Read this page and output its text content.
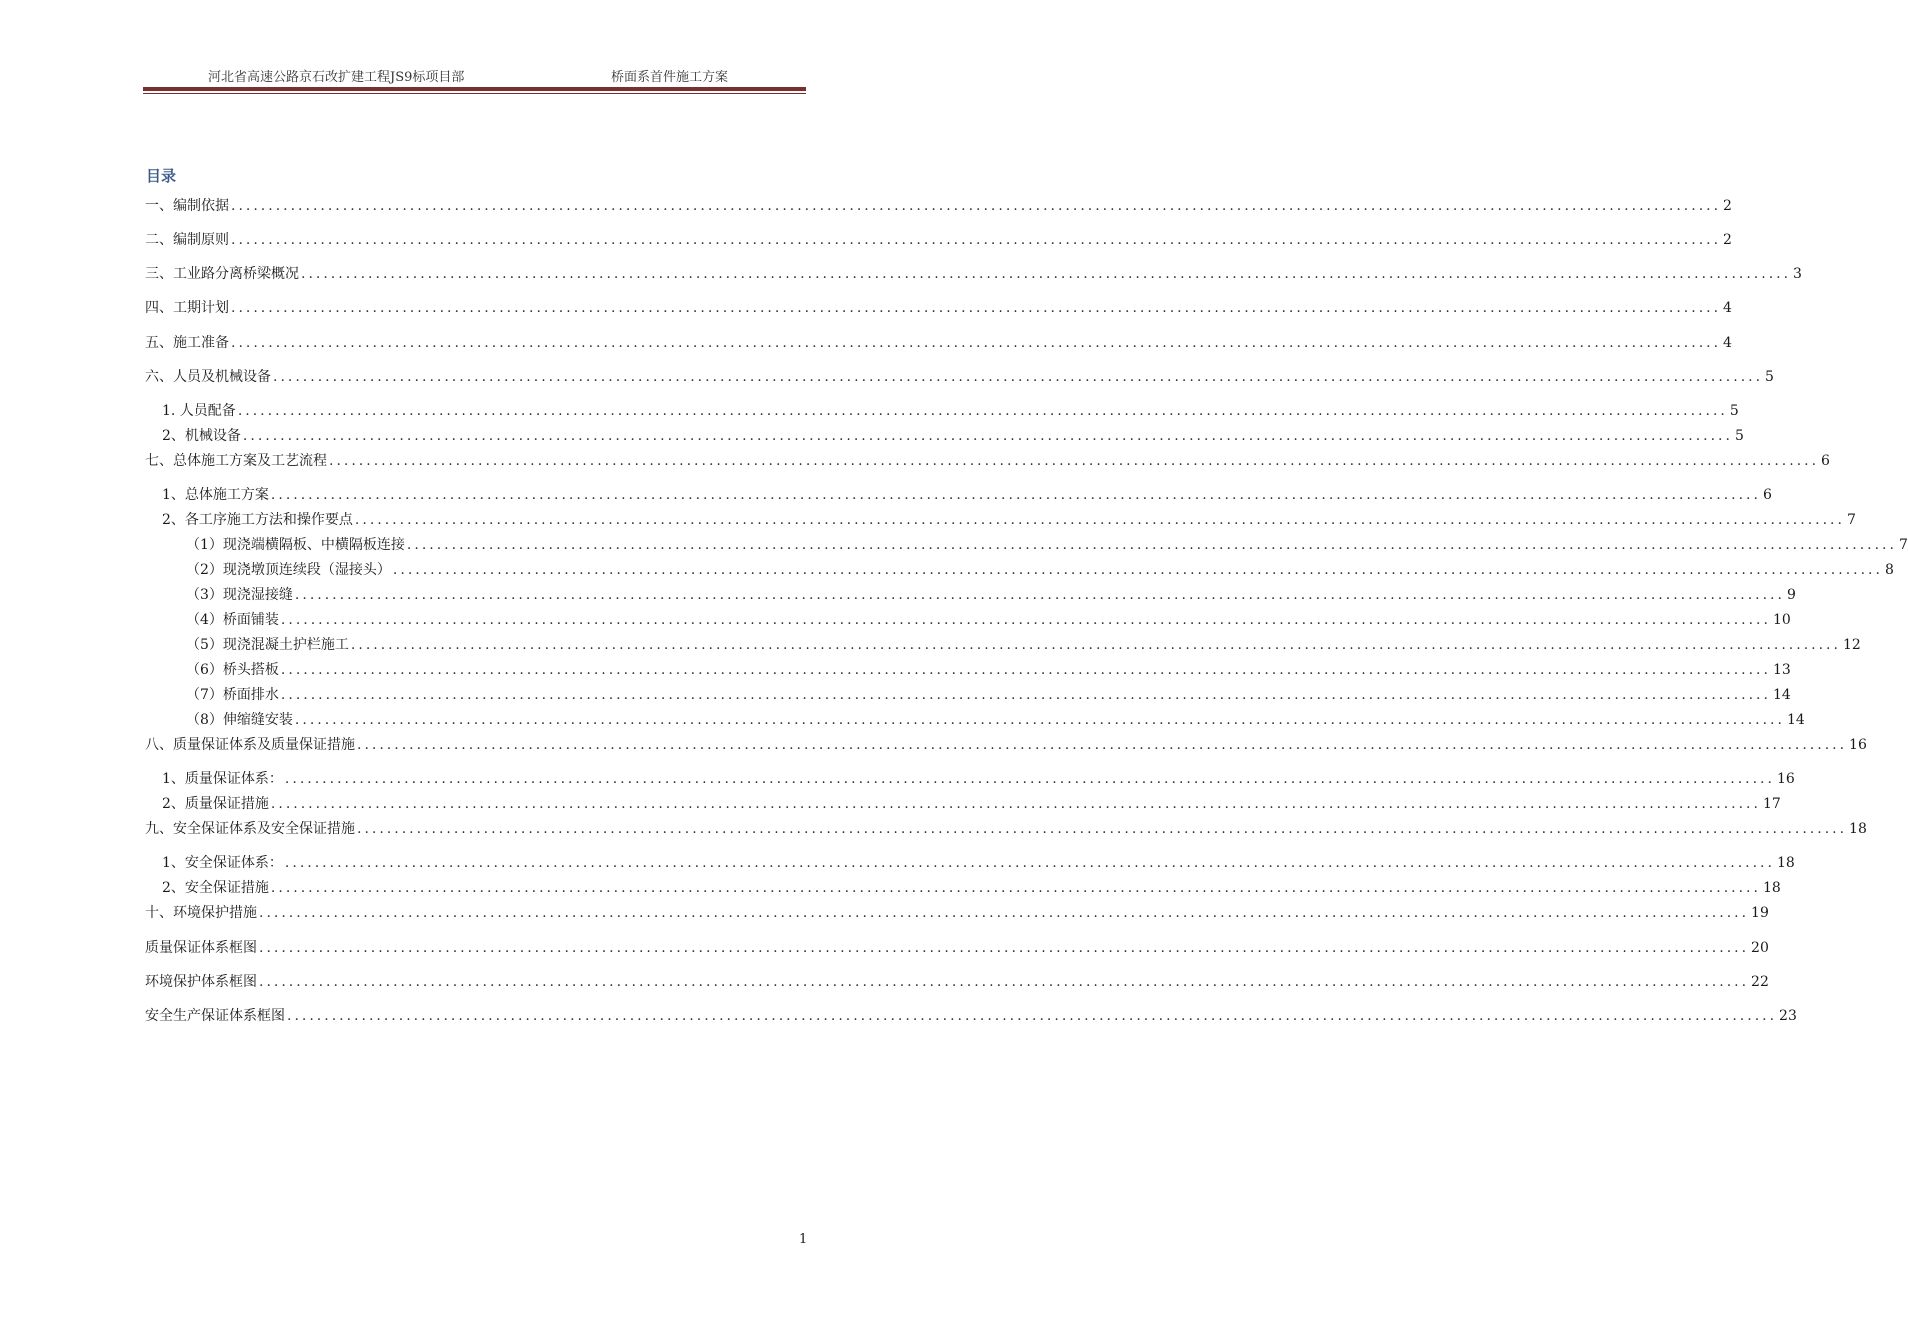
河北省高速公路京石改扩建工程JS9标项目部	桥面系首件施工方案
目录
一、编制依据 ........................................................................................................................................................................................................ 2
二、编制原则 ........................................................................................................................................................................................................ 2
三、工业路分离桥梁概况 ........................................................................................................................................................................................................ 3
四、工期计划 ........................................................................................................................................................................................................ 4
五、施工准备 ........................................................................................................................................................................................................ 4
六、人员及机械设备 ........................................................................................................................................................................................................ 5
1. 人员配备 ........................................................................................................................................................................................................ 5
2、机械设备 ........................................................................................................................................................................................................ 5
七、总体施工方案及工艺流程 ........................................................................................................................................................................................................ 6
1、总体施工方案 ........................................................................................................................................................................................................ 6
2、各工序施工方法和操作要点 ........................................................................................................................................................................................................ 7
（1）现浇端横隔板、中横隔板连接 ........................................................................................................................................................................................................ 7
（2）现浇墩顶连续段（湿接头） ........................................................................................................................................................................................................ 8
（3）现浇湿接缝 ........................................................................................................................................................................................................ 9
（4）桥面铺装 ........................................................................................................................................................................................................ 10
（5）现浇混凝土护栏施工 ........................................................................................................................................................................................................ 12
（6）桥头搭板 ........................................................................................................................................................................................................ 13
（7）桥面排水 ........................................................................................................................................................................................................ 14
（8）伸缩缝安装 ........................................................................................................................................................................................................ 14
八、质量保证体系及质量保证措施 ........................................................................................................................................................................................................ 16
1、质量保证体系： ........................................................................................................................................................................................................ 16
2、质量保证措施 ........................................................................................................................................................................................................ 17
九、安全保证体系及安全保证措施 ........................................................................................................................................................................................................ 18
1、安全保证体系： ........................................................................................................................................................................................................ 18
2、安全保证措施 ........................................................................................................................................................................................................ 18
十、环境保护措施 ........................................................................................................................................................................................................ 19
质量保证体系框图 ........................................................................................................................................................................................................ 20
环境保护体系框图 ........................................................................................................................................................................................................ 22
安全生产保证体系框图 ........................................................................................................................................................................................................ 23
1
